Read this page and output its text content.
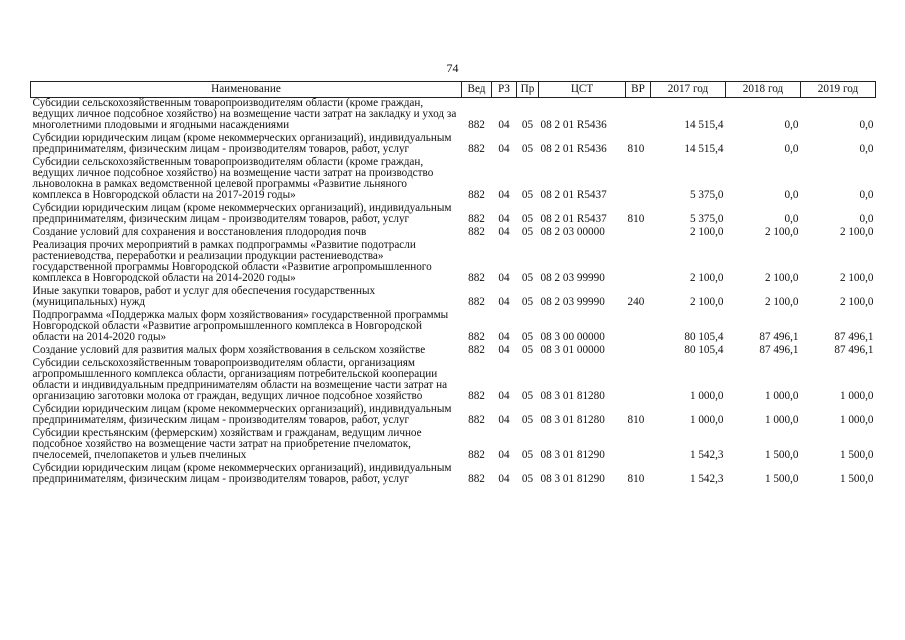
74
Наименование	Вед	РЗ	Пр	ЦСТ	ВР	2017 год	2018 год	2019 год
Субсидии сельскохозяйственным товаропроизводителям области (кроме граждан, ведущих личное подсобное хозяйство) на возмещение части затрат на закладку и уход за многолетними плодовыми и ягодными насаждениями	882	04	05	08 2 01 R5436		14 515,4	0,0	0,0
Субсидии юридическим лицам (кроме некоммерческих организаций), индивидуальным предпринимателям, физическим лицам - производителям товаров, работ, услуг	882	04	05	08 2 01 R5436	810	14 515,4	0,0	0,0
Субсидии сельскохозяйственным товаропроизводителям области (кроме граждан, ведущих личное подсобное хозяйство) на возмещение части затрат на производство льноволокна в рамках ведомственной целевой программы «Развитие льняного комплекса в Новгородской области на 2017-2019 годы»	882	04	05	08 2 01 R5437		5 375,0	0,0	0,0
Субсидии юридическим лицам (кроме некоммерческих организаций), индивидуальным предпринимателям, физическим лицам - производителям товаров, работ, услуг	882	04	05	08 2 01 R5437	810	5 375,0	0,0	0,0
Создание условий для сохранения и восстановления плодородия почв	882	04	05	08 2 03 00000		2 100,0	2 100,0	2 100,0
Реализация прочих мероприятий в рамках подпрограммы «Развитие подотрасли растениеводства, переработки и реализации продукции растениеводства» государственной программы Новгородской области «Развитие агропромышленного комплекса в Новгородской области на 2014-2020 годы»	882	04	05	08 2 03 99990		2 100,0	2 100,0	2 100,0
Иные закупки товаров, работ и услуг для обеспечения государственных (муниципальных) нужд	882	04	05	08 2 03 99990	240	2 100,0	2 100,0	2 100,0
Подпрограмма «Поддержка малых форм хозяйствования» государственной программы Новгородской области «Развитие агропромышленного комплекса в Новгородской области на 2014-2020 годы»	882	04	05	08 3 00 00000		80 105,4	87 496,1	87 496,1
Создание условий для развития малых форм хозяйствования в сельском хозяйстве	882	04	05	08 3 01 00000		80 105,4	87 496,1	87 496,1
Субсидии сельскохозяйственным товаропроизводителям области, организациям агропромышленного комплекса области, организациям потребительской кооперации области и индивидуальным предпринимателям области на возмещение части затрат на организацию заготовки молока от граждан, ведущих личное подсобное хозяйство	882	04	05	08 3 01 81280		1 000,0	1 000,0	1 000,0
Субсидии юридическим лицам (кроме некоммерческих организаций), индивидуальным предпринимателям, физическим лицам - производителям товаров, работ, услуг	882	04	05	08 3 01 81280	810	1 000,0	1 000,0	1 000,0
Субсидии крестьянским (фермерским) хозяйствам и гражданам, ведущим личное подсобное хозяйство на возмещение части затрат на приобретение пчеломаток, пчелосемей, пчелопакетов и ульев пчелиных	882	04	05	08 3 01 81290		1 542,3	1 500,0	1 500,0
Субсидии юридическим лицам (кроме некоммерческих организаций), индивидуальным предпринимателям, физическим лицам - производителям товаров, работ, услуг	882	04	05	08 3 01 81290	810	1 542,3	1 500,0	1 500,0
